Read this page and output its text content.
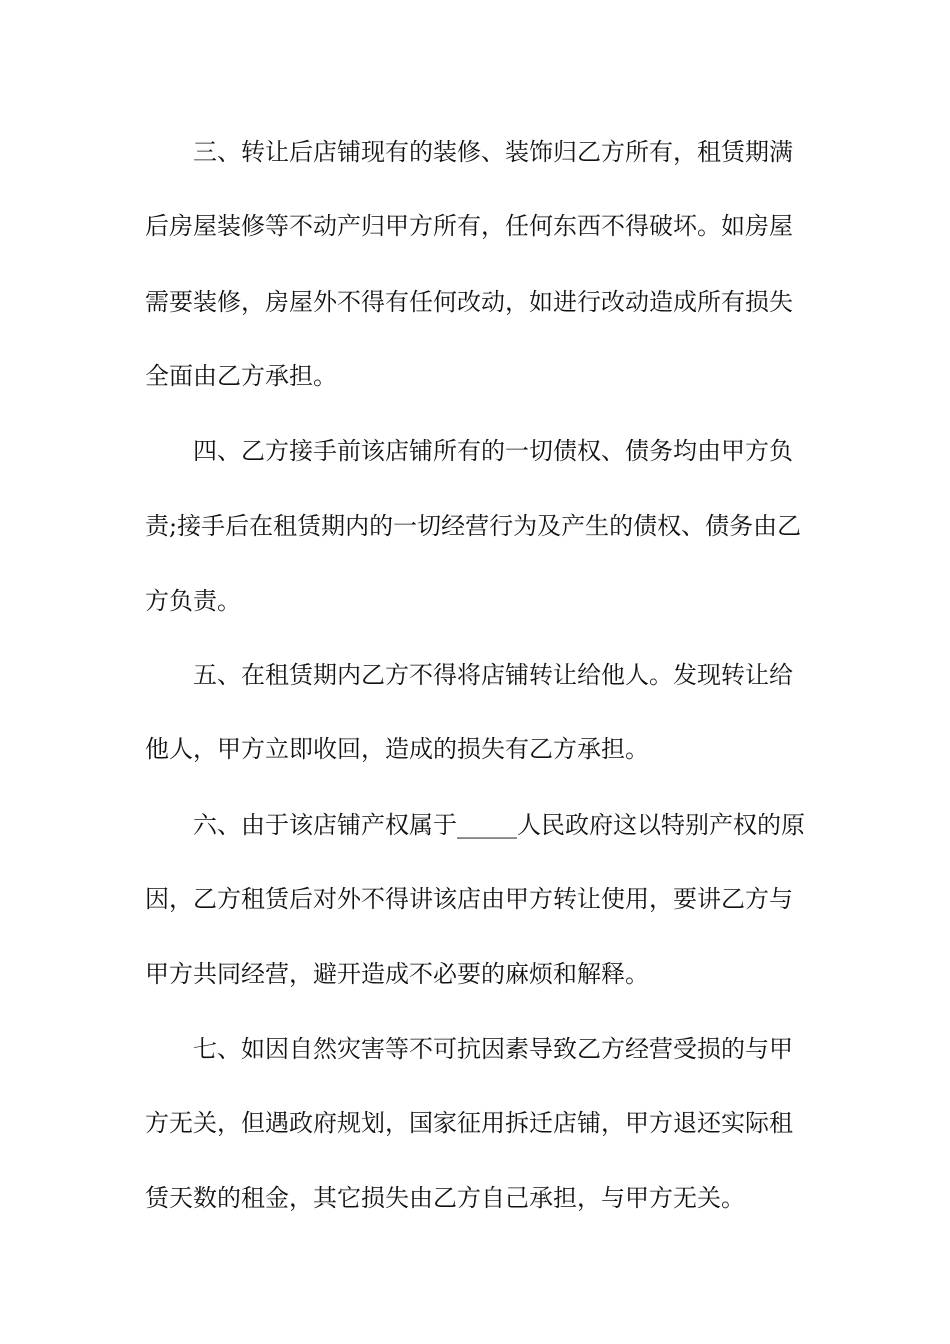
三、转让后店铺现有的装修、装饰归乙方所有，租赁期满
后房屋装修等不动产归甲方所有，任何东西不得破坏。如房屋
需要装修，房屋外不得有任何改动，如进行改动造成所有损失
全面由乙方承担。
四、乙方接手前该店铺所有的一切债权、债务均由甲方负
责;接手后在租赁期内的一切经营行为及产生的债权、债务由乙
方负责。
五、在租赁期内乙方不得将店铺转让给他人。发现转让给
他人，甲方立即收回，造成的损失有乙方承担。
六、由于该店铺产权属于_____人民政府这以特别产权的原
因，乙方租赁后对外不得讲该店由甲方转让使用，要讲乙方与
甲方共同经营，避开造成不必要的麻烦和解释。
七、如因自然灾害等不可抗因素导致乙方经营受损的与甲
方无关，但遇政府规划，国家征用拆迁店铺，甲方退还实际租
赁天数的租金，其它损失由乙方自己承担，与甲方无关。
